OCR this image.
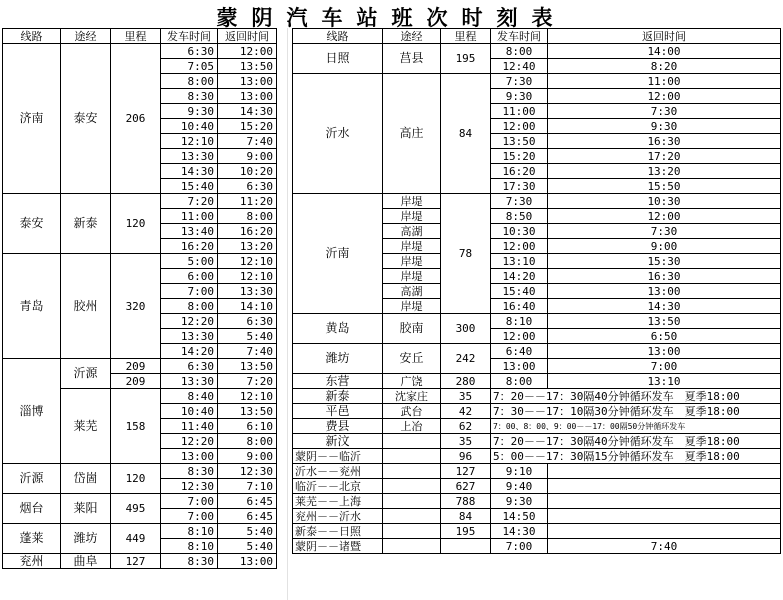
蒙阴汽车站班次时刻表
线路	途经	里程	发车时间	返回时间
济南	泰安	206	6:30	12:00
			7:05	13:50
			8:00	13:00
			8:30	13:00
			9:30	14:30
			10:40	15:20
			12:10	7:40
			13:30	9:00
			14:30	10:20
			15:40	6:30
泰安	新泰	120	7:20	11:20
			11:00	8:00
			13:40	16:20
			16:20	13:20
青岛	胶州	320	5:00	12:10
			6:00	12:10
			7:00	13:30
			8:00	14:10
			12:20	6:30
			13:30	5:40
			14:20	7:40
淄博	沂源	209	6:30	13:50
		209	13:30	7:20
	莱芜	158	8:40	12:10
			10:40	13:50
			11:40	6:10
			12:20	8:00
			13:00	9:00
沂源	岱崮	120	8:30	12:30
			12:30	7:10
烟台	莱阳	495	7:00	6:45
			7:00	6:45
蓬莱	潍坊	449	8:10	5:40
			8:10	5:40
兖州	曲阜	127	8:30	13:00
线路	途经	里程	发车时间	返回时间
日照	莒县	195	8:00	14:00
			12:40	8:20
沂水	高庄	84	7:30	11:00
			9:30	12:00
			11:00	7:30
			12:00	9:30
			13:50	16:30
			15:20	17:20
			16:20	13:20
			17:30	15:50
沂南	岸堤	78	7:30	10:30
	岸堤		8:50	12:00
	高湖		10:30	7:30
	岸堤		12:00	9:00
	岸堤		13:10	15:30
	岸堤		14:20	16:30
	高湖		15:40	13:00
	岸堤		16:40	14:30
黄岛	胶南	300	8:10	13:50
			12:00	6:50
潍坊	安丘	242	6:40	13:00
			13:00	7:00
东营	广饶	280	8:00	13:10
新泰	沈家庄	35	7：20－－17：30隔40分钟循环发车　夏季18:00	
平邑	武台	42	7：30－－17：10隔30分钟循环发车　夏季18:00	
费县	上冶	62	7：00、8：00、9：00－－17：00隔50分钟循环发车	
新汶		35	7：20－－17：30隔40分钟循环发车　夏季18:00	
蒙阴－－临沂		96	5：00－－17：30隔15分钟循环发车　夏季18:00	
沂水－－兖州		127	9:10	
临沂－－北京		627	9:40	
莱芜－－上海		788	9:30	
兖州－－沂水		84	14:50	
新泰－－日照		195	14:30	
蒙阴－－诸暨			7:00	7:40
